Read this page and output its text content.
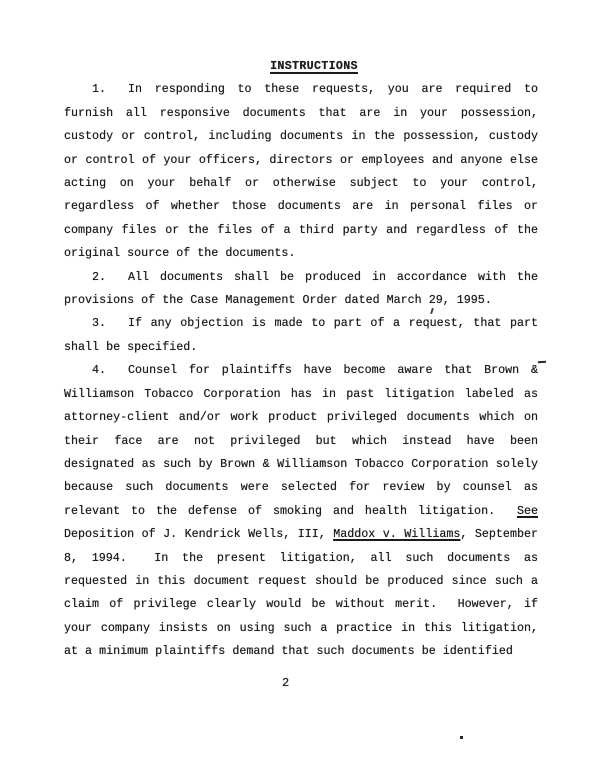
INSTRUCTIONS

1. In responding to these requests, you are required to furnish all responsive documents that are in your possession, custody or control, including documents in the possession, custody or control of your officers, directors or employees and anyone else acting on your behalf or otherwise subject to your control, regardless of whether those documents are in personal files or company files or the files of a third party and regardless of the original source of the documents.

2. All documents shall be produced in accordance with the provisions of the Case Management Order dated March 29, 1995.

3. If any objection is made to part of a request, that part shall be specified.

4. Counsel for plaintiffs have become aware that Brown & Williamson Tobacco Corporation has in past litigation labeled as attorney-client and/or work product privileged documents which on their face are not privileged but which instead have been designated as such by Brown & Williamson Tobacco Corporation solely because such documents were selected for review by counsel as relevant to the defense of smoking and health litigation.  See Deposition of J. Kendrick Wells, III, Maddox v. Williams, September 8, 1994.  In the present litigation, all such documents as requested in this document request should be produced since such a claim of privilege clearly would be without merit.  However, if your company insists on using such a practice in this litigation, at a minimum plaintiffs demand that such documents be identified

2
